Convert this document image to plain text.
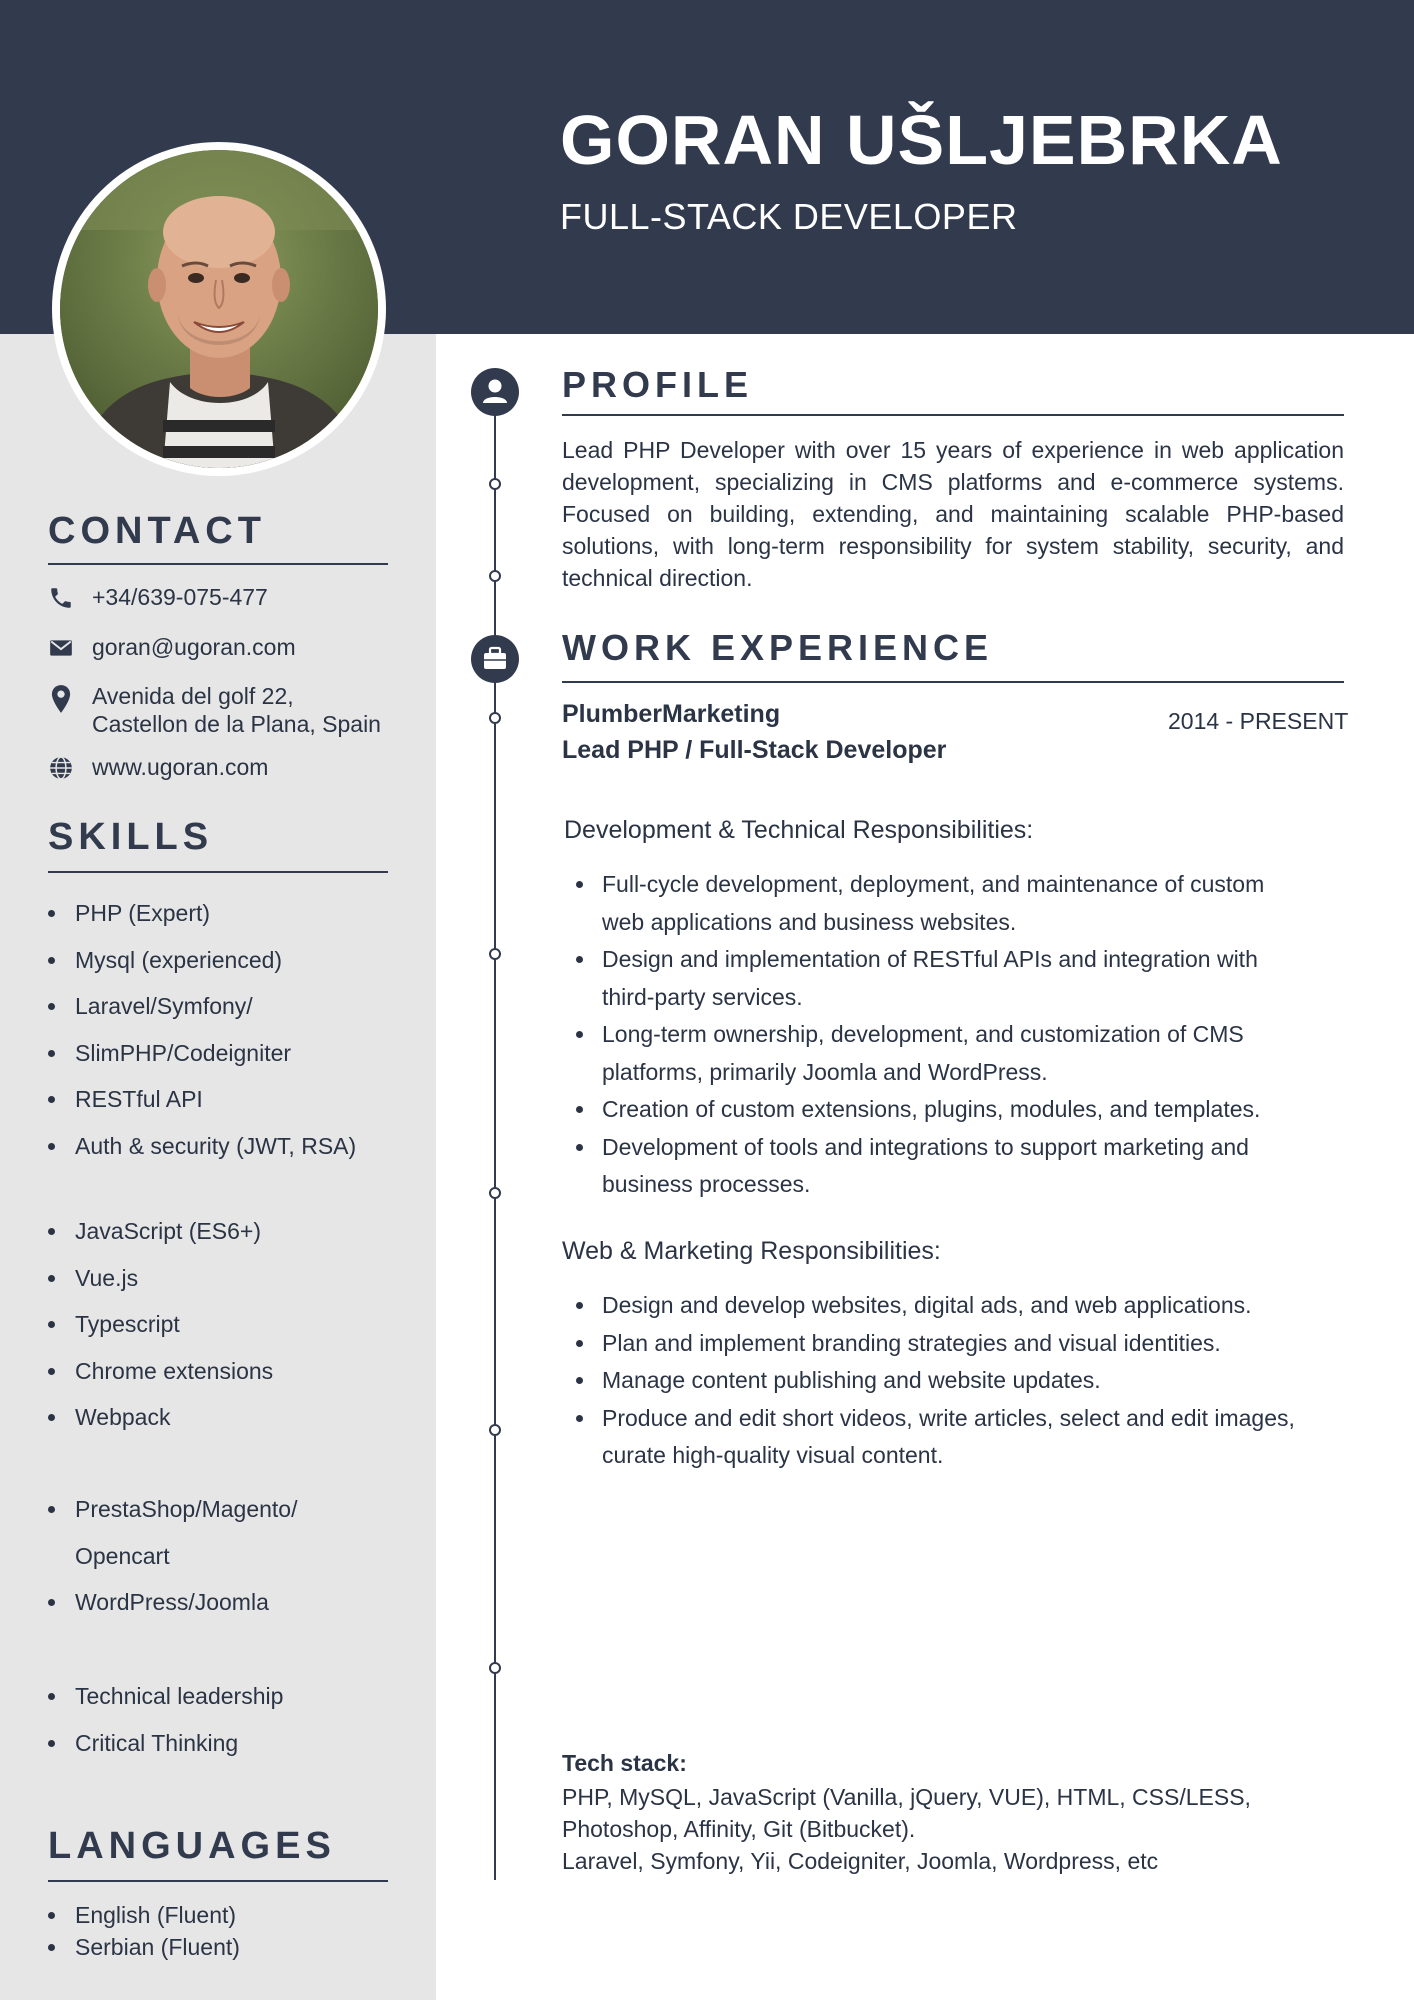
GORAN UŠLJEBRKA
FULL-STACK DEVELOPER
CONTACT
+34/639-075-477
goran@ugoran.com
Avenida del golf 22,
Castellon de la Plana, Spain
www.ugoran.com
SKILLS
PHP (Expert)
Mysql (experienced)
Laravel/Symfony/
SlimPHP/Codeigniter
RESTful API
Auth & security (JWT, RSA)
JavaScript (ES6+)
Vue.js
Typescript
Chrome extensions
Webpack
PrestaShop/Magento/
Opencart
WordPress/Joomla
Technical leadership
Critical Thinking
LANGUAGES
English (Fluent)
Serbian (Fluent)
PROFILE
Lead PHP Developer with over 15 years of experience in web application
development, specializing in CMS platforms and e-commerce systems.
Focused on building, extending, and maintaining scalable PHP-based
solutions, with long-term responsibility for system stability, security, and
technical direction.
WORK EXPERIENCE
PlumberMarketing
Lead PHP / Full-Stack Developer
2014 - PRESENT
Development & Technical Responsibilities:
Full-cycle development, deployment, and maintenance of custom
web applications and business websites.
Design and implementation of RESTful APIs and integration with
third-party services.
Long-term ownership, development, and customization of CMS
platforms, primarily Joomla and WordPress.
Creation of custom extensions, plugins, modules, and templates.
Development of tools and integrations to support marketing and
business processes.
Web & Marketing Responsibilities:
Design and develop websites, digital ads, and web applications.
Plan and implement branding strategies and visual identities.
Manage content publishing and website updates.
Produce and edit short videos, write articles, select and edit images,
curate high-quality visual content.
Tech stack:
PHP, MySQL, JavaScript (Vanilla, jQuery, VUE), HTML, CSS/LESS,
Photoshop, Affinity, Git (Bitbucket).
Laravel, Symfony, Yii, Codeigniter, Joomla, Wordpress, etc
